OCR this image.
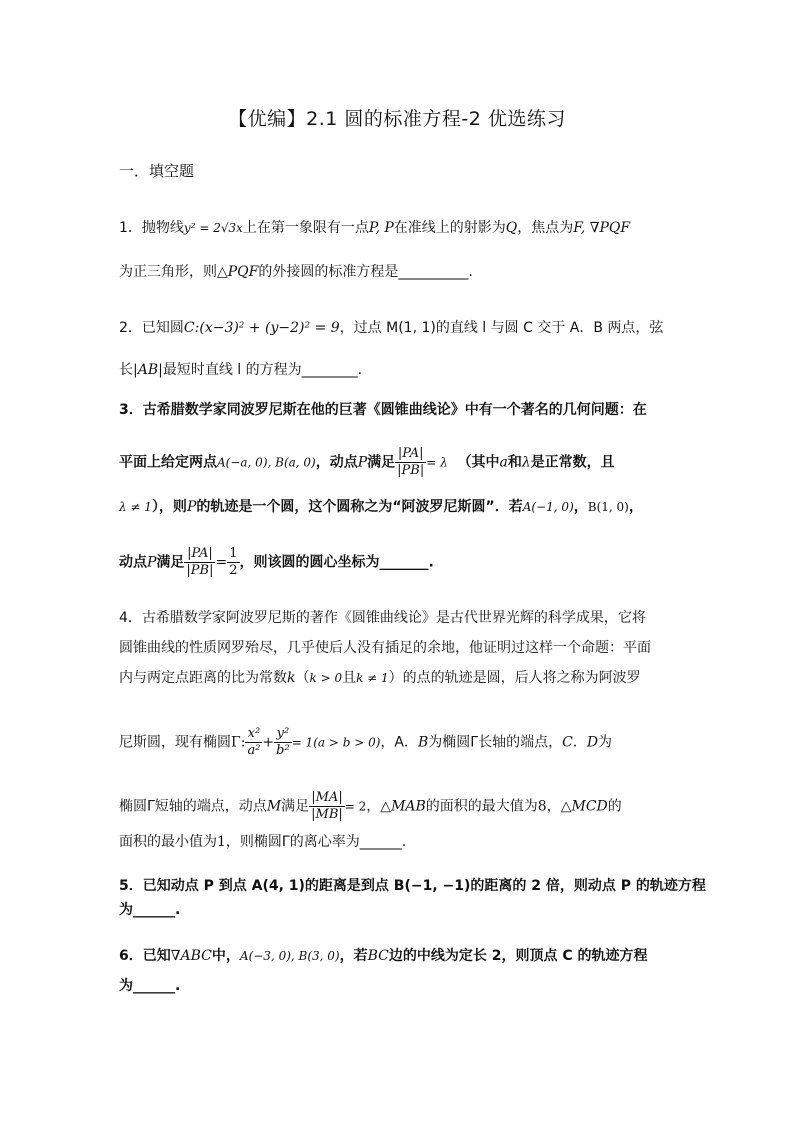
【优编】2.1 圆的标准方程-2 优选练习
一．填空题
1．抛物线y² = 2√3x上在第一象限有一点P, P在准线上的射影为Q，焦点为F, ∇PQF
为正三角形，则△PQF的外接圆的标准方程是__________.
2．已知圆C:(x−3)² + (y−2)² = 9，过点 M(1, 1)的直线 l 与圆 C 交于 A．B 两点，弦
长|AB|最短时直线 l 的方程为________.
3．古希腊数学家同波罗尼斯在他的巨著《圆锥曲线论》中有一个著名的几何问题：在
平面上给定两点A(−a, 0), B(a, 0)，动点P满足 $\frac{|PA|}{|PB|} = \lambda$ （其中a和λ是正常数，且
λ ≠ 1），则P的轨迹是一个圆，这个圆称之为“阿波罗尼斯圆”．若A(−1, 0)，B(1, 0)，
动点P满足 $\frac{|PA|}{|PB|} = \frac{1}{2}$ ，则该圆的圆心坐标为_______.
4．古希腊数学家阿波罗尼斯的著作《圆锥曲线论》是古代世界光辉的科学成果，它将
圆锥曲线的性质网罗殆尽，几乎使后人没有插足的余地，他证明过这样一个命题：平面
内与两定点距离的比为常数k（k > 0且k ≠ 1）的点的轨迹是圆，后人将之称为阿波罗
尼斯圆，现有椭圆Γ: $\frac{\text{x²}}{\text{a²}} + \frac{\text{y²}}{\text{b²}} = 1(a > b > 0)$，A．B为椭圆Γ长轴的端点，C．D为
椭圆Γ短轴的端点，动点M满足 $\frac{|MA|}{|MB|} = 2$，△MAB的面积的最大值为8，△MCD的
面积的最小值为1，则椭圆Γ的离心率为______.
5．已知动点 P 到点 A(4, 1)的距离是到点 B(−1, −1)的距离的 2 倍，则动点 P 的轨迹方程
为______.
6．已知∇ABC中，A(−3, 0), B(3, 0)，若BC边的中线为定长 2，则顶点 C 的轨迹方程
为______.
